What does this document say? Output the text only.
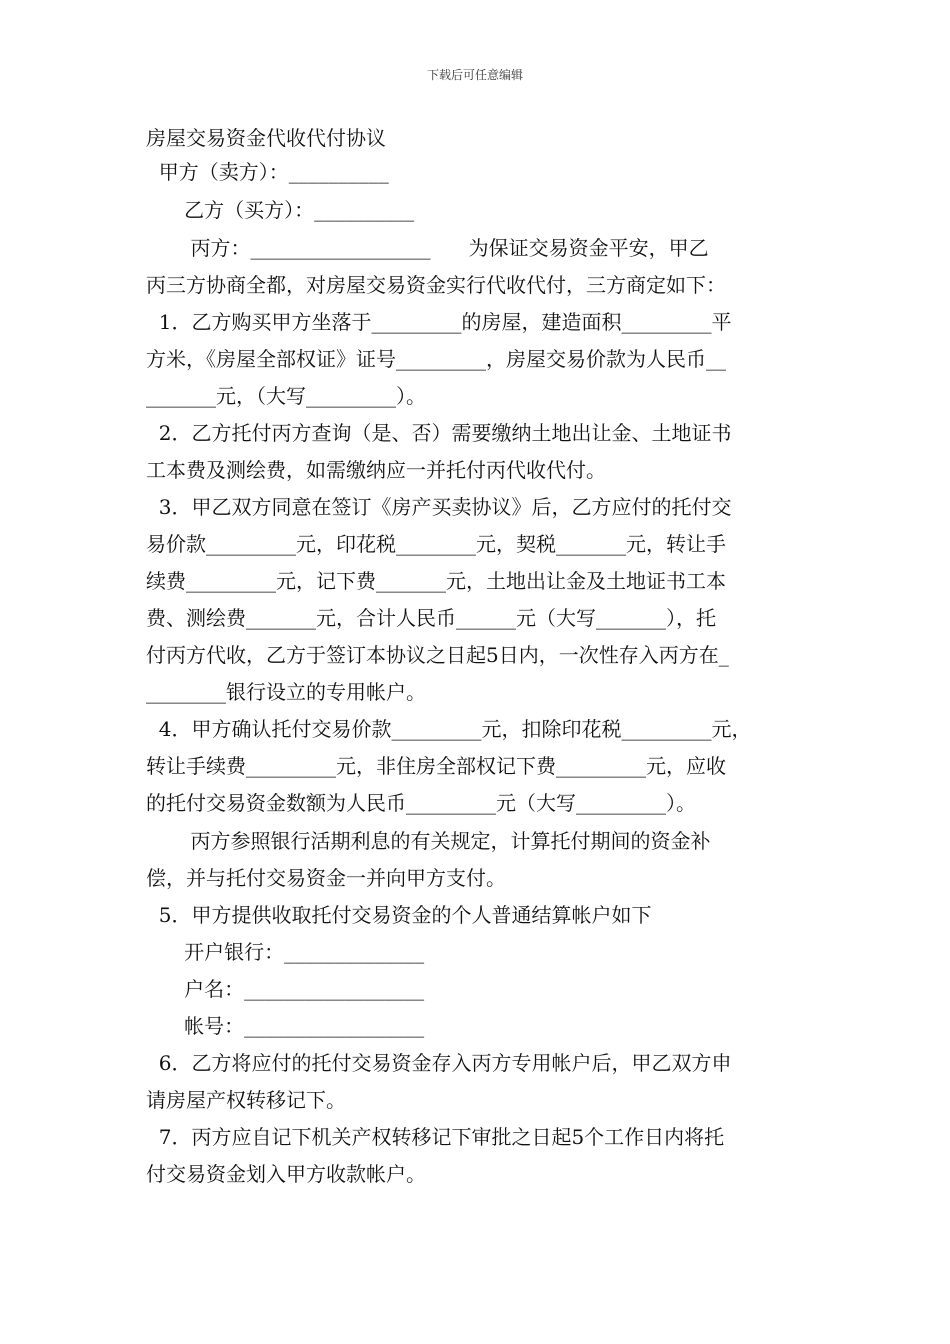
下载后可任意编辑
房屋交易资金代收代付协议
甲方（卖方）：__________
乙方（买方）：__________
丙方：__________________      为保证交易资金平安，甲乙
丙三方协商全都，对房屋交易资金实行代收代付，三方商定如下：
1．乙方购买甲方坐落于_________的房屋，建造面积_________平
方米，《房屋全部权证》证号_________，房屋交易价款为人民币__
_______元，（大写_________）。
2．乙方托付丙方查询（是、否）需要缴纳土地出让金、土地证书
工本费及测绘费，如需缴纳应一并托付丙代收代付。
3．甲乙双方同意在签订《房产买卖协议》后，乙方应付的托付交
易价款_________元，印花税________元，契税_______元，转让手
续费_________元，记下费_______元，土地出让金及土地证书工本
费、测绘费_______元，合计人民币______元（大写_______），托
付丙方代收，乙方于签订本协议之日起5日内，一次性存入丙方在_
________银行设立的专用帐户。
4．甲方确认托付交易价款_________元，扣除印花税_________元，
转让手续费_________元，非住房全部权记下费_________元，应收
的托付交易资金数额为人民币_________元（大写_________）。
丙方参照银行活期利息的有关规定，计算托付期间的资金补
偿，并与托付交易资金一并向甲方支付。
5．甲方提供收取托付交易资金的个人普通结算帐户如下
开户银行：______________
户名：__________________
帐号：__________________
6．乙方将应付的托付交易资金存入丙方专用帐户后，甲乙双方申
请房屋产权转移记下。
7．丙方应自记下机关产权转移记下审批之日起5个工作日内将托
付交易资金划入甲方收款帐户。
